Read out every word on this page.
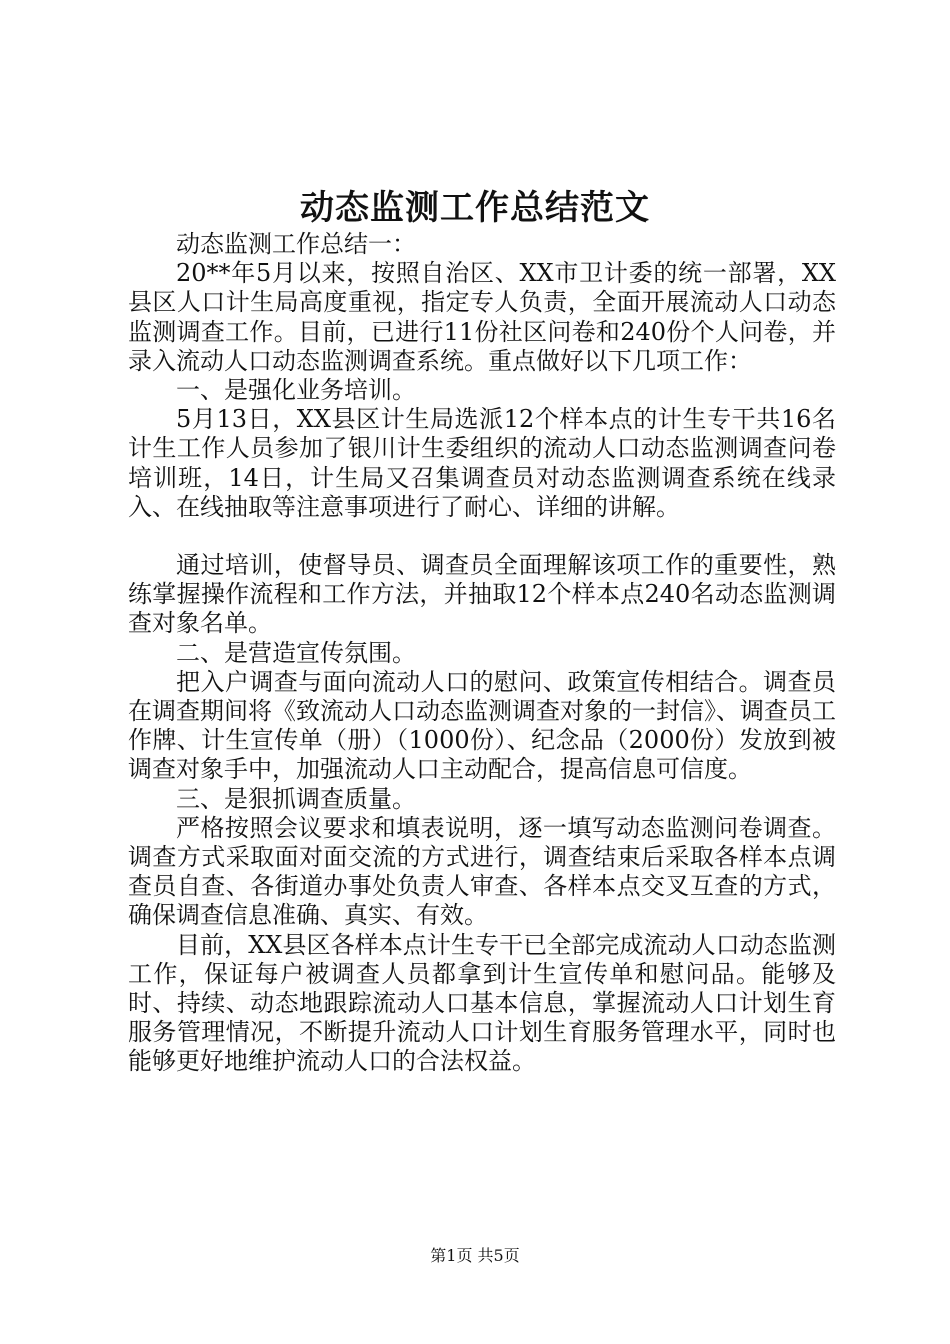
动态监测工作总结范文

动态监测工作总结一：

20**年5月以来，按照自治区、XX市卫计委的统一部署，XX县区人口计生局高度重视，指定专人负责，全面开展流动人口动态监测调查工作。目前，已进行11份社区问卷和240份个人问卷，并录入流动人口动态监测调查系统。重点做好以下几项工作：

一、是强化业务培训。

5月13日，XX县区计生局选派12个样本点的计生专干共16名计生工作人员参加了银川计生委组织的流动人口动态监测调查问卷培训班，14日，计生局又召集调查员对动态监测调查系统在线录入、在线抽取等注意事项进行了耐心、详细的讲解。

通过培训，使督导员、调查员全面理解该项工作的重要性，熟练掌握操作流程和工作方法，并抽取12个样本点240名动态监测调查对象名单。

二、是营造宣传氛围。

把入户调查与面向流动人口的慰问、政策宣传相结合。调查员在调查期间将《致流动人口动态监测调查对象的一封信》、调查员工作牌、计生宣传单（册）（1000份）、纪念品（2000份）发放到被调查对象手中，加强流动人口主动配合，提高信息可信度。

三、是狠抓调查质量。

严格按照会议要求和填表说明，逐一填写动态监测问卷调查。调查方式采取面对面交流的方式进行，调查结束后采取各样本点调查员自查、各街道办事处负责人审查、各样本点交叉互查的方式，确保调查信息准确、真实、有效。

目前，XX县区各样本点计生专干已全部完成流动人口动态监测工作，保证每户被调查人员都拿到计生宣传单和慰问品。能够及时、持续、动态地跟踪流动人口基本信息，掌握流动人口计划生育服务管理情况，不断提升流动人口计划生育服务管理水平，同时也能够更好地维护流动人口的合法权益。

第1页 共5页
